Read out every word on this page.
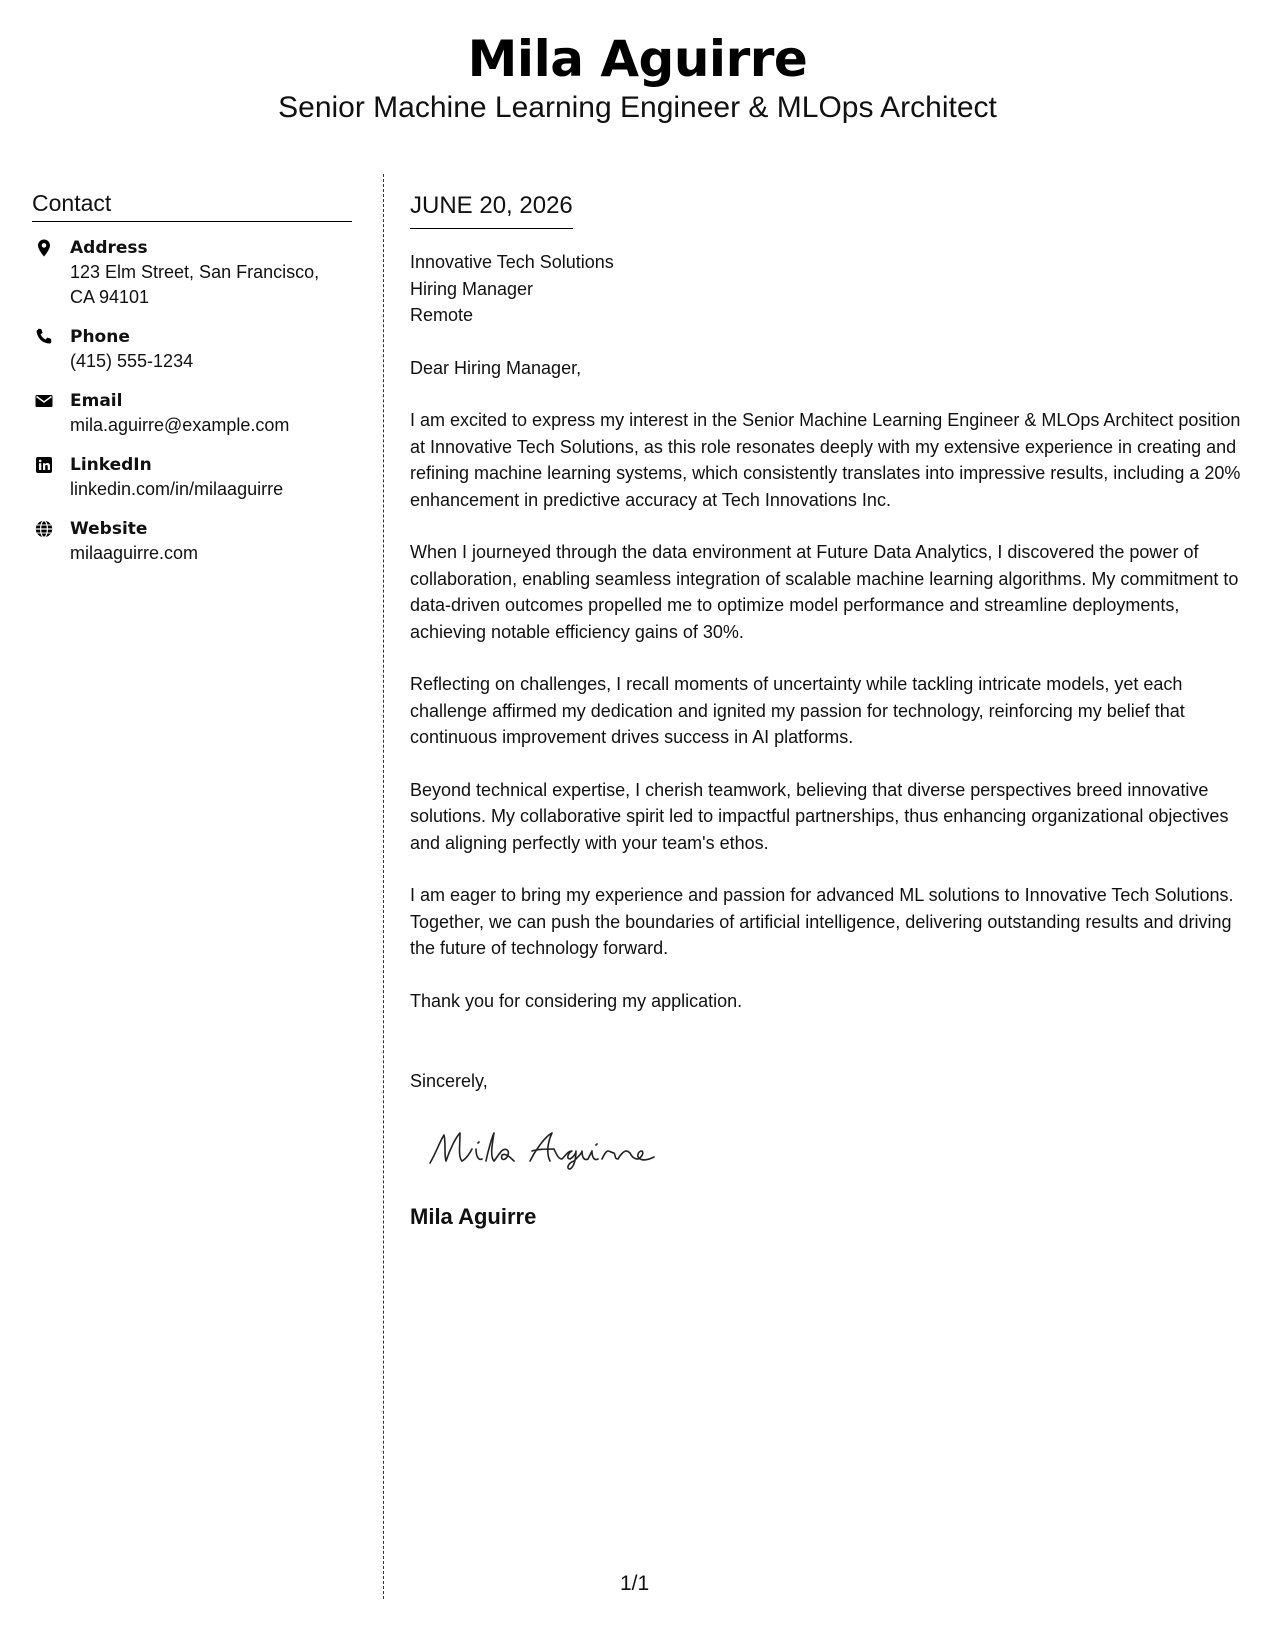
Mila Aguirre
Senior Machine Learning Engineer & MLOps Architect
Contact
Address
123 Elm Street, San Francisco,
CA 94101
Phone
(415) 555-1234
Email
mila.aguirre@example.com
LinkedIn
linkedin.com/in/milaaguirre
Website
milaaguirre.com
JUNE 20, 2026
Innovative Tech Solutions
Hiring Manager
Remote
Dear Hiring Manager,

I am excited to express my interest in the Senior Machine Learning Engineer & MLOps Architect position at Innovative Tech Solutions, as this role resonates deeply with my extensive experience in creating and refining machine learning systems, which consistently translates into impressive results, including a 20% enhancement in predictive accuracy at Tech Innovations Inc.

When I journeyed through the data environment at Future Data Analytics, I discovered the power of collaboration, enabling seamless integration of scalable machine learning algorithms. My commitment to data-driven outcomes propelled me to optimize model performance and streamline deployments, achieving notable efficiency gains of 30%.

Reflecting on challenges, I recall moments of uncertainty while tackling intricate models, yet each challenge affirmed my dedication and ignited my passion for technology, reinforcing my belief that continuous improvement drives success in AI platforms.

Beyond technical expertise, I cherish teamwork, believing that diverse perspectives breed innovative solutions. My collaborative spirit led to impactful partnerships, thus enhancing organizational objectives and aligning perfectly with your team's ethos.

I am eager to bring my experience and passion for advanced ML solutions to Innovative Tech Solutions. Together, we can push the boundaries of artificial intelligence, delivering outstanding results and driving the future of technology forward.

Thank you for considering my application.

Sincerely,
Mila Aguirre
1/1
